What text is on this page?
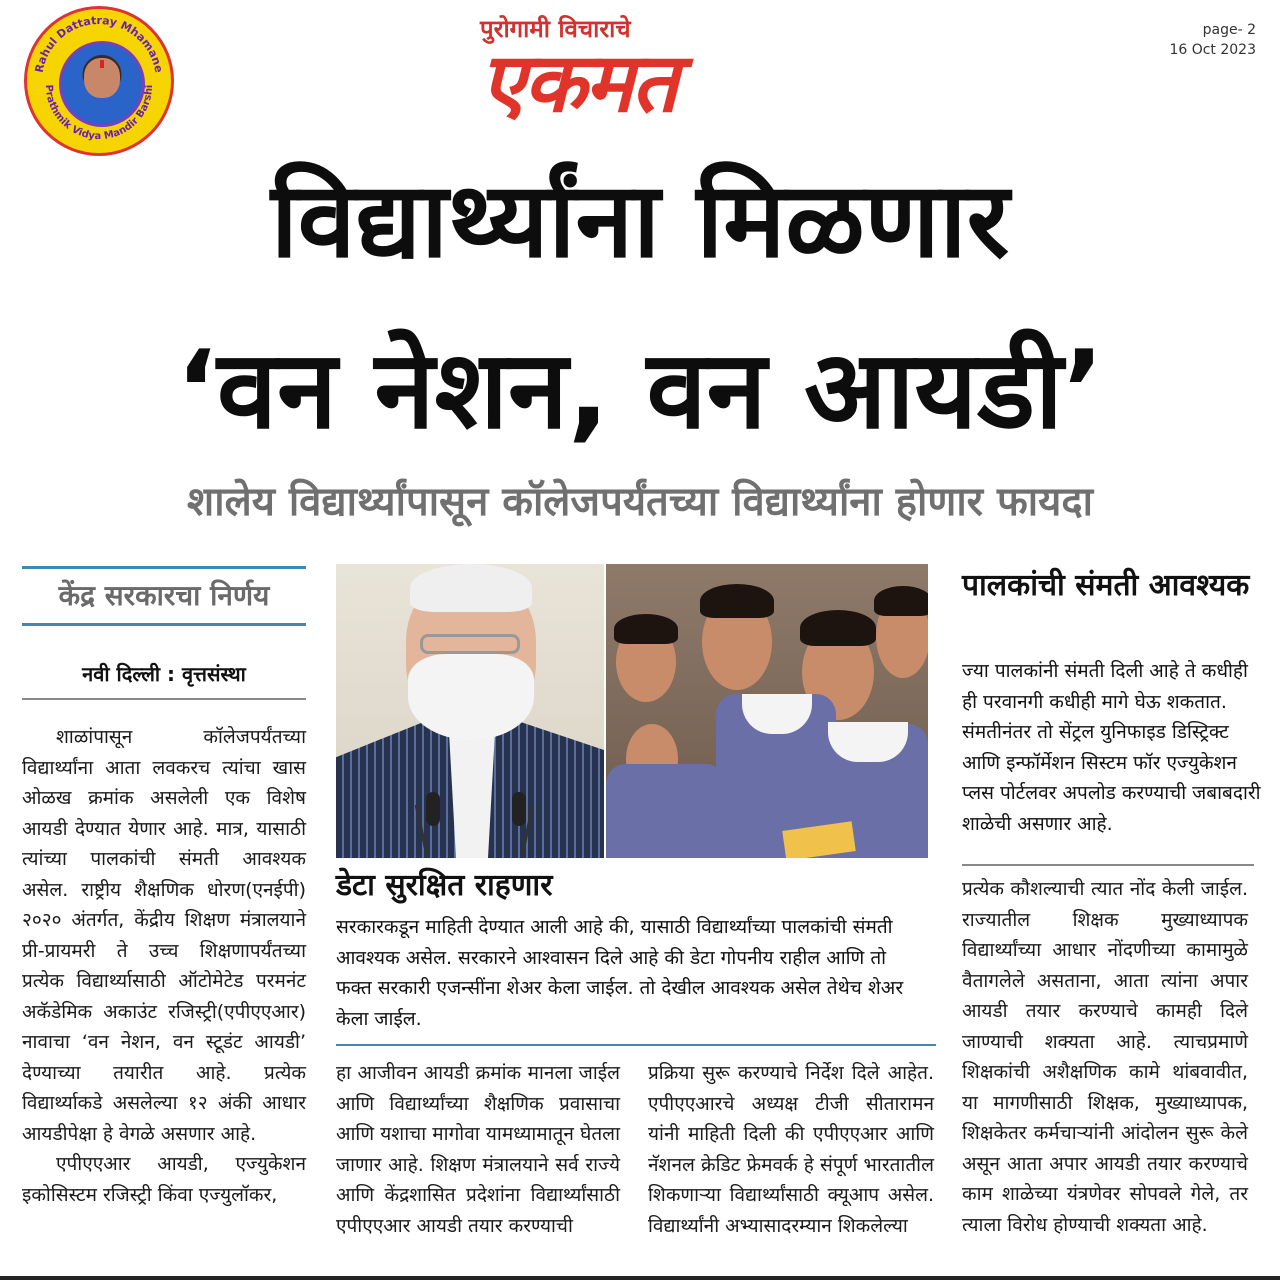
Rahul Dattatray Mhamane
Prathmik Vidya Mandir Barshi
पुरोगामी विचाराचे
एकमत
page- 2
16 Oct 2023
विद्यार्थ्यांना मिळणार
‘वन नेशन, वन आयडी’
शालेय विद्यार्थ्यांपासून कॉलेजपर्यंतच्या विद्यार्थ्यांना होणार फायदा
केंद्र सरकारचा निर्णय
नवी दिल्ली : वृत्तसंस्था

शाळांपासून कॉलेजपर्यंतच्या विद्यार्थ्यांना आता लवकरच त्यांचा खास ओळख क्रमांक असलेली एक विशेष आयडी देण्यात येणार आहे. मात्र, यासाठी त्यांच्या पालकांची संमती आवश्यक असेल. राष्ट्रीय शैक्षणिक धोरण(एनईपी) २०२० अंतर्गत, केंद्रीय शिक्षण मंत्रालयाने प्री-प्रायमरी ते उच्च शिक्षणापर्यंतच्या प्रत्येक विद्यार्थ्यासाठी ऑटोमेटेड परमनंट अकॅडेमिक अकाउंट रजिस्ट्री(एपीएएआर) नावाचा ‘वन नेशन, वन स्टूडंट आयडी’ देण्याच्या तयारीत आहे. प्रत्येक विद्यार्थ्याकडे असलेल्या १२ अंकी आधार आयडीपेक्षा हे वेगळे असणार आहे.

एपीएएआर आयडी, एज्युकेशन इकोसिस्टम रजिस्ट्री किंवा एज्युलॉकर,

डेटा सुरक्षित राहणार
सरकारकडून माहिती देण्यात आली आहे की, यासाठी विद्यार्थ्यांच्या पालकांची संमती आवश्यक असेल. सरकारने आश्वासन दिले आहे की डेटा गोपनीय राहील आणि तो फक्त सरकारी एजन्सींना शेअर केला जाईल. तो देखील आवश्यक असेल तेथेच शेअर केला जाईल.
हा आजीवन आयडी क्रमांक मानला जाईल आणि विद्यार्थ्यांच्या शैक्षणिक प्रवासाचा आणि यशाचा मागोवा यामध्यामातून घेतला जाणार आहे. शिक्षण मंत्रालयाने सर्व राज्ये आणि केंद्रशासित प्रदेशांना विद्यार्थ्यांसाठी एपीएएआर आयडी तयार करण्याची
प्रक्रिया सुरू करण्याचे निर्देश दिले आहेत. एपीएएआरचे अध्यक्ष टीजी सीतारामन यांनी माहिती दिली की एपीएएआर आणि नॅशनल क्रेडिट फ्रेमवर्क हे संपूर्ण भारतातील शिकणाऱ्या विद्यार्थ्यांसाठी क्यूआप असेल. विद्यार्थ्यांनी अभ्यासादरम्यान शिकलेल्या
पालकांची संमती आवश्यक
ज्या पालकांनी संमती दिली आहे ते कधीही ही परवानगी कधीही मागे घेऊ शकतात. संमतीनंतर तो सेंट्रल युनिफाइड डिस्ट्रिक्ट आणि इन्फॉर्मेशन सिस्टम फॉर एज्युकेशन प्लस पोर्टलवर अपलोड करण्याची जबाबदारी शाळेची असणार आहे.
प्रत्येक कौशल्याची त्यात नोंद केली जाईल. राज्यातील शिक्षक मुख्याध्यापक विद्यार्थ्यांच्या आधार नोंदणीच्या कामामुळे वैतागलेले असताना, आता त्यांना अपार आयडी तयार करण्याचे कामही दिले जाण्याची शक्यता आहे. त्याचप्रमाणे शिक्षकांची अशैक्षणिक कामे थांबवावीत, या मागणीसाठी शिक्षक, मुख्याध्यापक, शिक्षकेतर कर्मचाऱ्यांनी आंदोलन सुरू केले असून आता अपार आयडी तयार करण्याचे काम शाळेच्या यंत्रणेवर सोपवले गेले, तर त्याला विरोध होण्याची शक्यता आहे.
